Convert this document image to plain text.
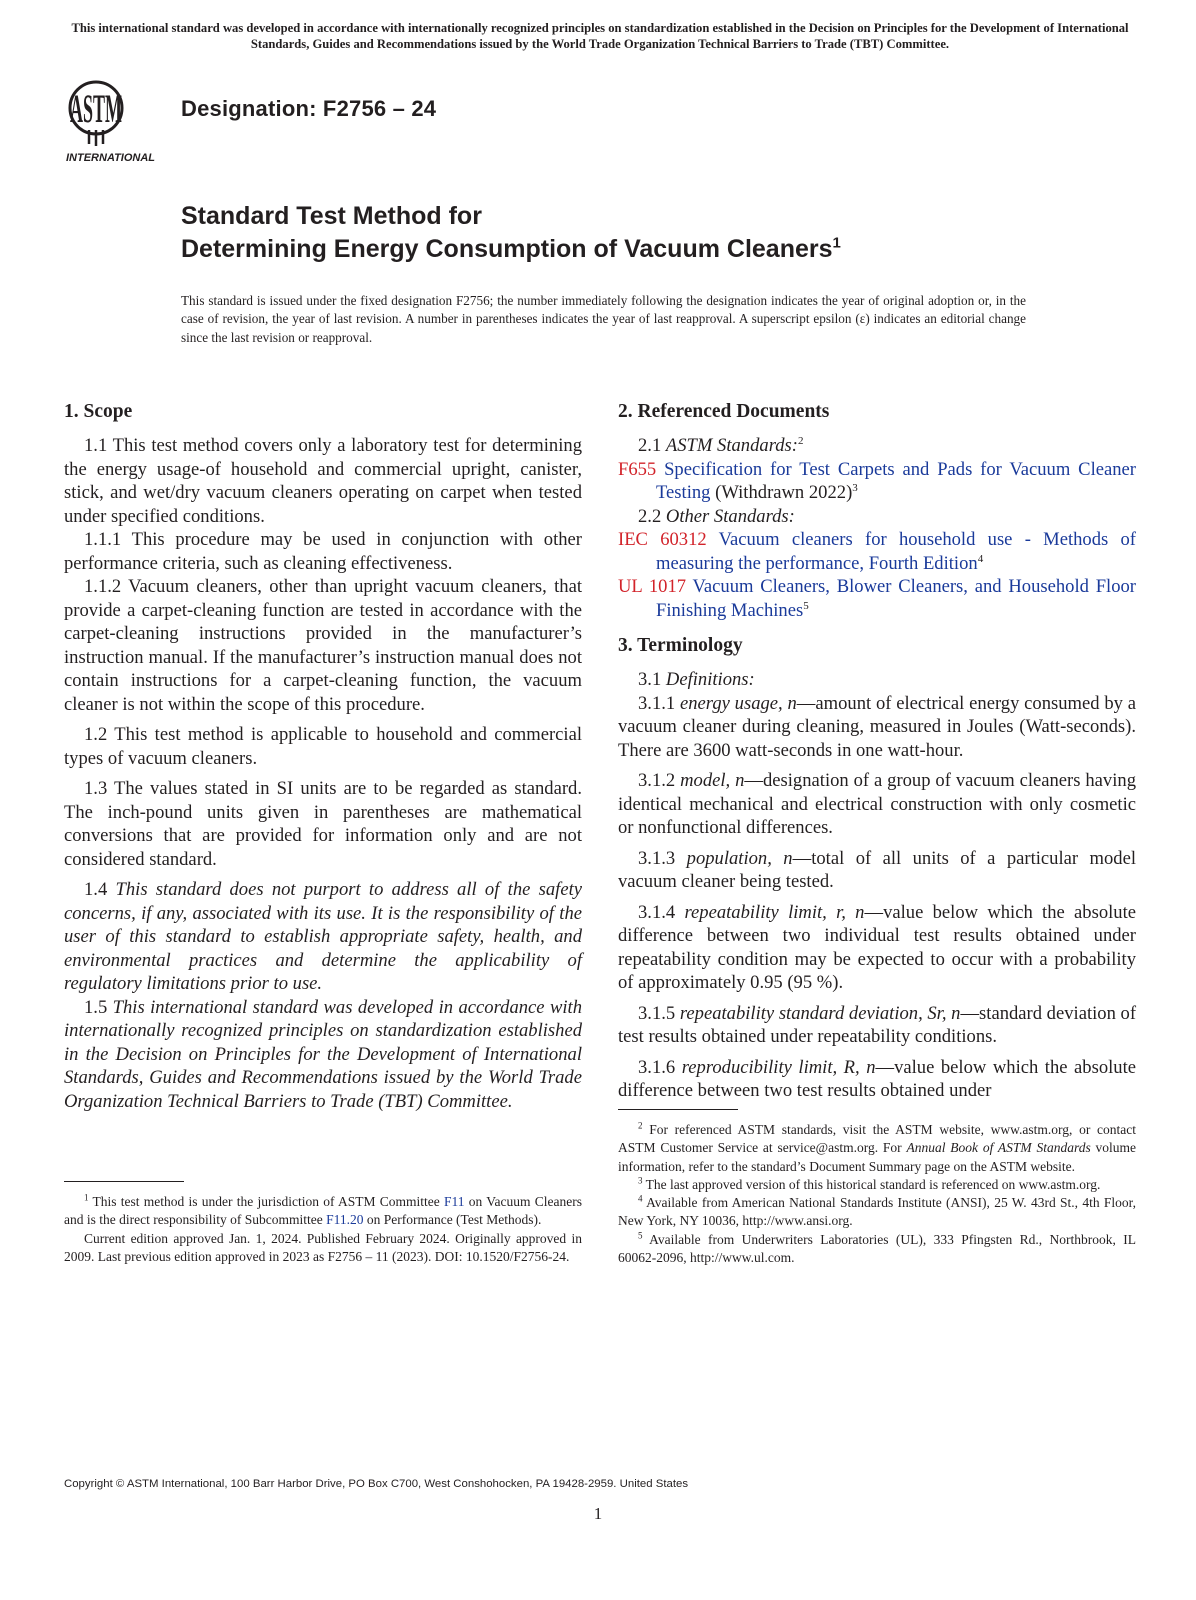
This international standard was developed in accordance with internationally recognized principles on standardization established in the Decision on Principles for the Development of International Standards, Guides and Recommendations issued by the World Trade Organization Technical Barriers to Trade (TBT) Committee.
ASTM
INTERNATIONAL
Designation: F2756 – 24
Standard Test Method for
Determining Energy Consumption of Vacuum Cleaners$^1$
This standard is issued under the fixed designation F2756; the number immediately following the designation indicates the year of original adoption or, in the case of revision, the year of last revision. A number in parentheses indicates the year of last reapproval. A superscript epsilon (ε) indicates an editorial change since the last revision or reapproval.
1. Scope

1.1 This test method covers only a laboratory test for determining the energy usage-of household and commercial upright, canister, stick, and wet/dry vacuum cleaners operating on carpet when tested under specified conditions.

1.1.1 This procedure may be used in conjunction with other performance criteria, such as cleaning effectiveness.

1.1.2 Vacuum cleaners, other than upright vacuum cleaners, that provide a carpet-cleaning function are tested in accordance with the carpet-cleaning instructions provided in the manufacturer’s instruction manual. If the manufacturer’s instruction manual does not contain instructions for a carpet-cleaning function, the vacuum cleaner is not within the scope of this procedure.

1.2 This test method is applicable to household and commercial types of vacuum cleaners.

1.3 The values stated in SI units are to be regarded as standard. The inch-pound units given in parentheses are mathematical conversions that are provided for information only and are not considered standard.

1.4 This standard does not purport to address all of the safety concerns, if any, associated with its use. It is the responsibility of the user of this standard to establish appropriate safety, health, and environmental practices and determine the applicability of regulatory limitations prior to use.

1.5 This international standard was developed in accordance with internationally recognized principles on standardization established in the Decision on Principles for the Development of International Standards, Guides and Recommendations issued by the World Trade Organization Technical Barriers to Trade (TBT) Committee.

2. Referenced Documents

2.1 ASTM Standards:$^2$

F655 Specification for Test Carpets and Pads for Vacuum Cleaner Testing (Withdrawn 2022)$^3$

2.2 Other Standards:

IEC 60312 Vacuum cleaners for household use - Methods of measuring the performance, Fourth Edition$^4$

UL 1017 Vacuum Cleaners, Blower Cleaners, and Household Floor Finishing Machines$^5$

3. Terminology

3.1 Definitions:

3.1.1 energy usage, n—amount of electrical energy consumed by a vacuum cleaner during cleaning, measured in Joules (Watt-seconds). There are 3600 watt-seconds in one watt-hour.

3.1.2 model, n—designation of a group of vacuum cleaners having identical mechanical and electrical construction with only cosmetic or nonfunctional differences.

3.1.3 population, n—total of all units of a particular model vacuum cleaner being tested.

3.1.4 repeatability limit, r, n—value below which the absolute difference between two individual test results obtained under repeatability condition may be expected to occur with a probability of approximately 0.95 (95 %).

3.1.5 repeatability standard deviation, Sr, n—standard deviation of test results obtained under repeatability conditions.

3.1.6 reproducibility limit, R, n—value below which the absolute difference between two test results obtained under

$^1$ This test method is under the jurisdiction of ASTM Committee F11 on Vacuum Cleaners and is the direct responsibility of Subcommittee F11.20 on Performance (Test Methods).

Current edition approved Jan. 1, 2024. Published February 2024. Originally approved in 2009. Last previous edition approved in 2023 as F2756 – 11 (2023). DOI: 10.1520/F2756-24.

$^2$ For referenced ASTM standards, visit the ASTM website, www.astm.org, or contact ASTM Customer Service at service@astm.org. For Annual Book of ASTM Standards volume information, refer to the standard’s Document Summary page on the ASTM website.

$^3$ The last approved version of this historical standard is referenced on www.astm.org.

$^4$ Available from American National Standards Institute (ANSI), 25 W. 43rd St., 4th Floor, New York, NY 10036, http://www.ansi.org.

$^5$ Available from Underwriters Laboratories (UL), 333 Pfingsten Rd., Northbrook, IL 60062-2096, http://www.ul.com.

Copyright © ASTM International, 100 Barr Harbor Drive, PO Box C700, West Conshohocken, PA 19428-2959. United States
1
